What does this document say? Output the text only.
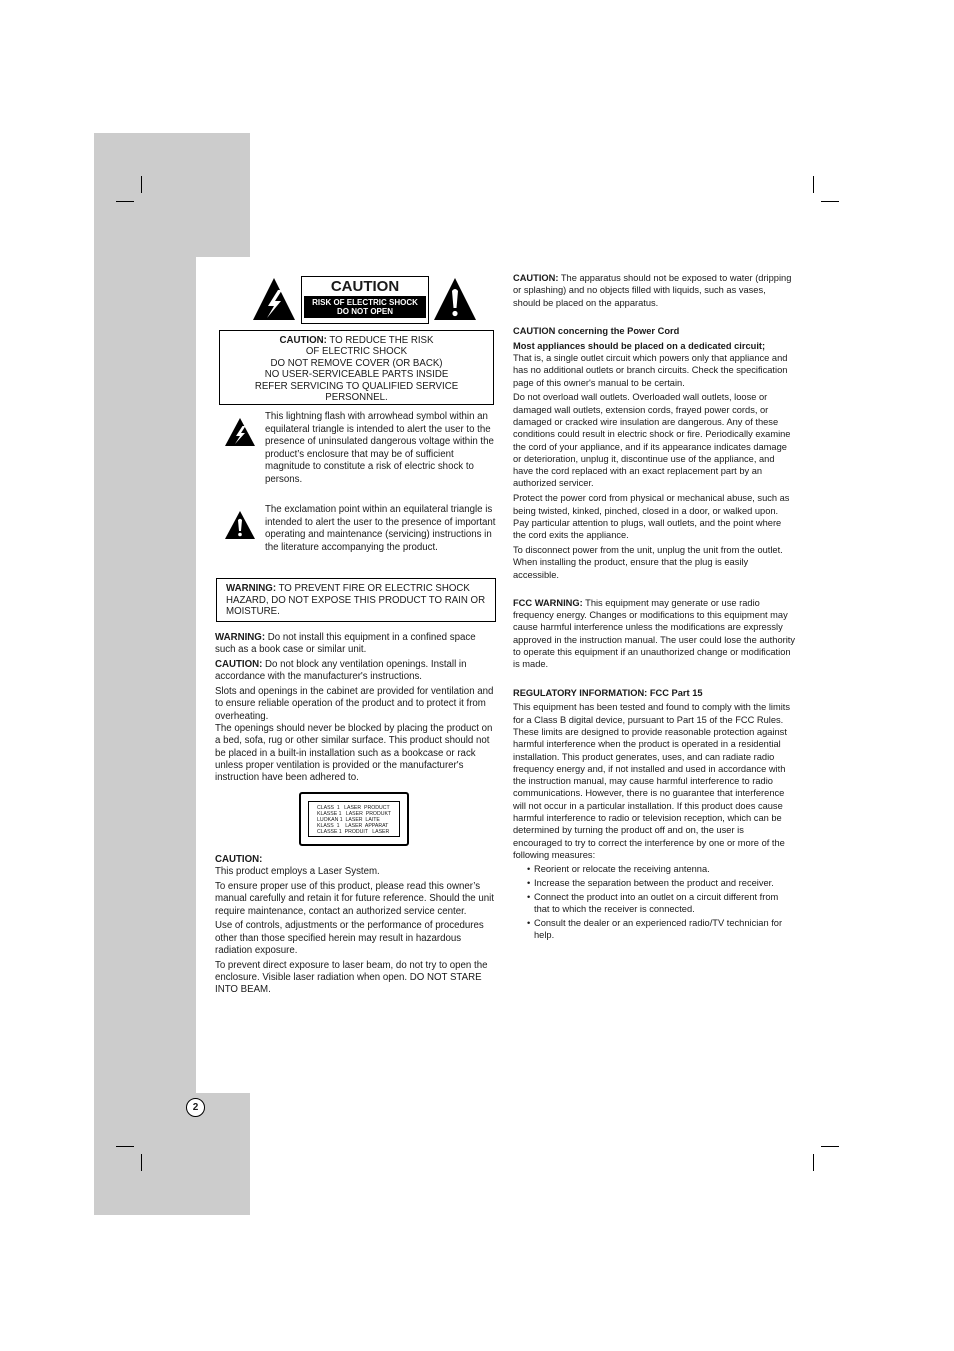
2
CAUTION
RISK OF ELECTRIC SHOCK
DO NOT OPEN
CAUTION: TO REDUCE THE RISK
OF ELECTRIC SHOCK
DO NOT REMOVE COVER (OR BACK)
NO USER-SERVICEABLE PARTS INSIDE
REFER SERVICING TO QUALIFIED SERVICE
PERSONNEL.
This lightning flash with arrowhead symbol within an equilateral triangle is intended to alert the user to the presence of uninsulated dangerous voltage within the product’s enclosure that may be of sufficient magnitude to constitute a risk of electric shock to persons.
The exclamation point within an equilateral triangle is intended to alert the user to the presence of important operating and maintenance (servicing) instructions in the literature accompanying the product.
WARNING: TO PREVENT FIRE OR ELECTRIC SHOCK HAZARD, DO NOT EXPOSE THIS PRODUCT TO RAIN OR MOISTURE.

WARNING: Do not install this equipment in a confined space such as a book case or similar unit.

CAUTION: Do not block any ventilation openings. Install in accordance with the manufacturer's instructions.

Slots and openings in the cabinet are provided for ventilation and to ensure reliable operation of the product and to protect it from overheating.

The openings should never be blocked by placing the product on a bed, sofa, rug or other similar surface. This product should not be placed in a built-in installation such as a bookcase or rack unless proper ventilation is provided or the manufacturer's instruction have been adhered to.

CLASS  1   LASER  PRODUCT
KLASSE 1   LASER  PRODUKT
LUOKAN 1  LASER  LAITE
KLASS  1    LASER  APPARAT
CLASSE 1  PRODUIT   LASER

CAUTION:

This product employs a Laser System.

To ensure proper use of this product, please read this owner’s manual carefully and retain it for future reference. Should the unit require maintenance, contact an authorized service center.

Use of controls, adjustments or the performance of procedures other than those specified herein may result in hazardous radiation exposure.

To prevent direct exposure to laser beam, do not try to open the enclosure. Visible laser radiation when open. DO NOT STARE INTO BEAM.

CAUTION: The apparatus should not be exposed to water (dripping or splashing) and no objects filled with liquids, such as vases, should be placed on the apparatus.

CAUTION concerning the Power Cord

Most appliances should be placed on a dedicated circuit;

That is, a single outlet circuit which powers only that appliance and has no additional outlets or branch circuits. Check the specification page of this owner's manual to be certain.

Do not overload wall outlets. Overloaded wall outlets, loose or damaged wall outlets, extension cords, frayed power cords, or damaged or cracked wire insulation are dangerous. Any of these conditions could result in electric shock or fire. Periodically examine the cord of your appliance, and if its appearance indicates damage or deterioration, unplug it, discontinue use of the appliance, and have the cord replaced with an exact replacement part by an authorized servicer.

Protect the power cord from physical or mechanical abuse, such as being twisted, kinked, pinched, closed in a door, or walked upon. Pay particular attention to plugs, wall outlets, and the point where the cord exits the appliance.

To disconnect power from the unit, unplug the unit from the outlet. When installing the product, ensure that the plug is easily accessible.

FCC WARNING: This equipment may generate or use radio frequency energy. Changes or modifications to this equipment may cause harmful interference unless the modifications are expressly approved in the instruction manual. The user could lose the authority to operate this equipment if an unauthorized change or modification is made.

REGULATORY INFORMATION: FCC Part 15

This equipment has been tested and found to comply with the limits for a Class B digital device, pursuant to Part 15 of the FCC Rules. These limits are designed to provide reasonable protection against harmful interference when the product is operated in a residential installation. This product generates, uses, and can radiate radio frequency energy and, if not installed and used in accordance with the instruction manual, may cause harmful interference to radio communications. However, there is no guarantee that interference will not occur in a particular installation. If this product does cause harmful interference to radio or television reception, which can be determined by turning the product off and on, the user is encouraged to try to correct the interference by one or more of the following measures:

• Reorient or relocate the receiving antenna.
• Increase the separation between the product and receiver.
• Connect the product into an outlet on a circuit different from that to which the receiver is connected.
• Consult the dealer or an experienced radio/TV technician for help.
